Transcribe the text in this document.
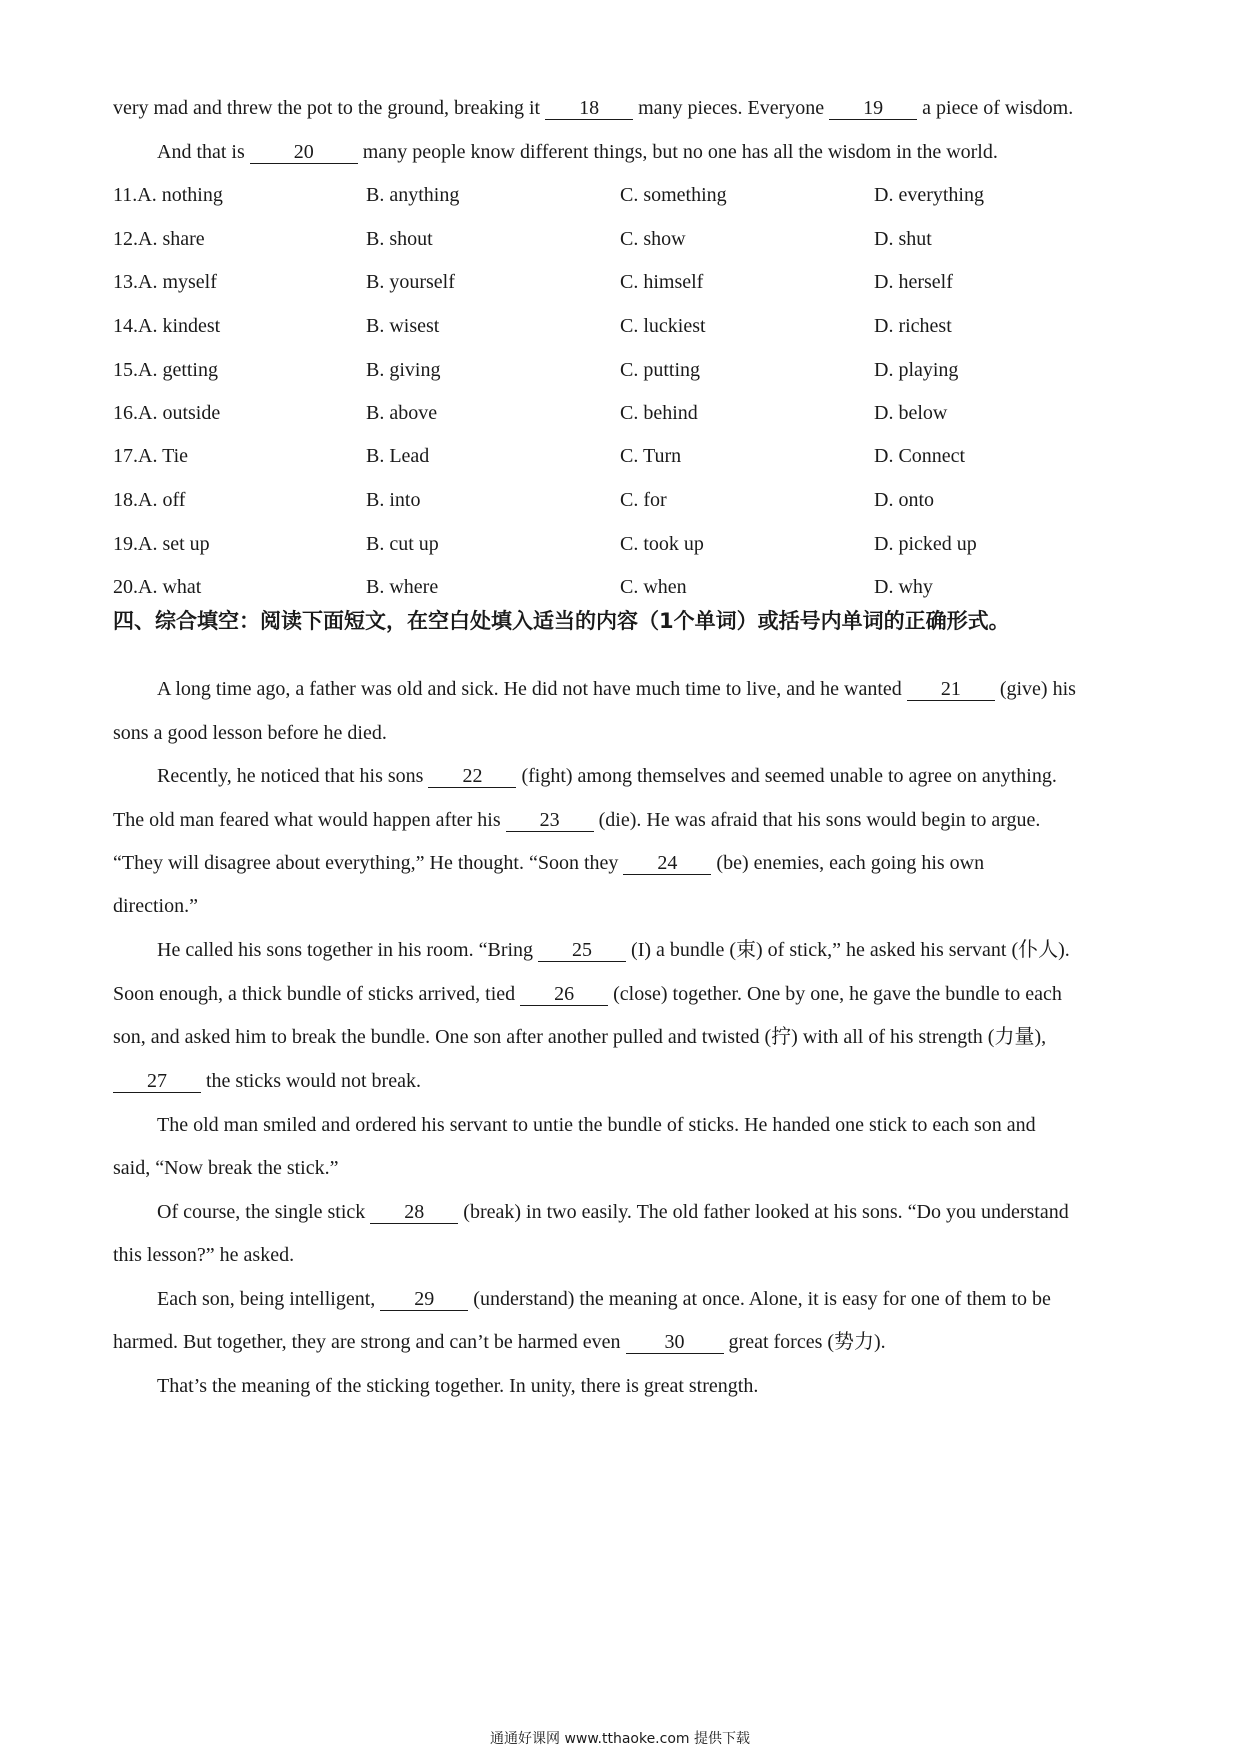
very mad and threw the pot to the ground, breaking it 18 many pieces. Everyone 19 a piece of wisdom.
And that is 20 many people know different things, but no one has all the wisdom in the world.
11.A. nothing	B. anything	C. something	D. everything
12.A. share	B. shout	C. show	D. shut
13.A. myself	B. yourself	C. himself	D. herself
14.A. kindest	B. wisest	C. luckiest	D. richest
15.A. getting	B. giving	C. putting	D. playing
16.A. outside	B. above	C. behind	D. below
17.A. Tie	B. Lead	C. Turn	D. Connect
18.A. off	B. into	C. for	D. onto
19.A. set up	B. cut up	C. took up	D. picked up
20.A. what	B. where	C. when	D. why
四、综合填空：阅读下面短文，在空白处填入适当的内容（1个单词）或括号内单词的正确形式。
A long time ago, a father was old and sick. He did not have much time to live, and he wanted 21 (give) his
sons a good lesson before he died.
Recently, he noticed that his sons 22 (fight) among themselves and seemed unable to agree on anything.
The old man feared what would happen after his 23 (die). He was afraid that his sons would begin to argue.
“They will disagree about everything,” He thought. “Soon they 24 (be) enemies, each going his own
direction.”
He called his sons together in his room. “Bring 25 (I) a bundle (束) of stick,” he asked his servant (仆人).
Soon enough, a thick bundle of sticks arrived, tied 26 (close) together. One by one, he gave the bundle to each
son, and asked him to break the bundle. One son after another pulled and twisted (拧) with all of his strength (力量),
27 the sticks would not break.
The old man smiled and ordered his servant to untie the bundle of sticks. He handed one stick to each son and
said, “Now break the stick.”
Of course, the single stick 28 (break) in two easily. The old father looked at his sons. “Do you understand
this lesson?” he asked.
Each son, being intelligent, 29 (understand) the meaning at once. Alone, it is easy for one of them to be
harmed. But together, they are strong and can’t be harmed even 30 great forces (势力).
That’s the meaning of the sticking together. In unity, there is great strength.
通通好课网 www.tthaoke.com 提供下载
